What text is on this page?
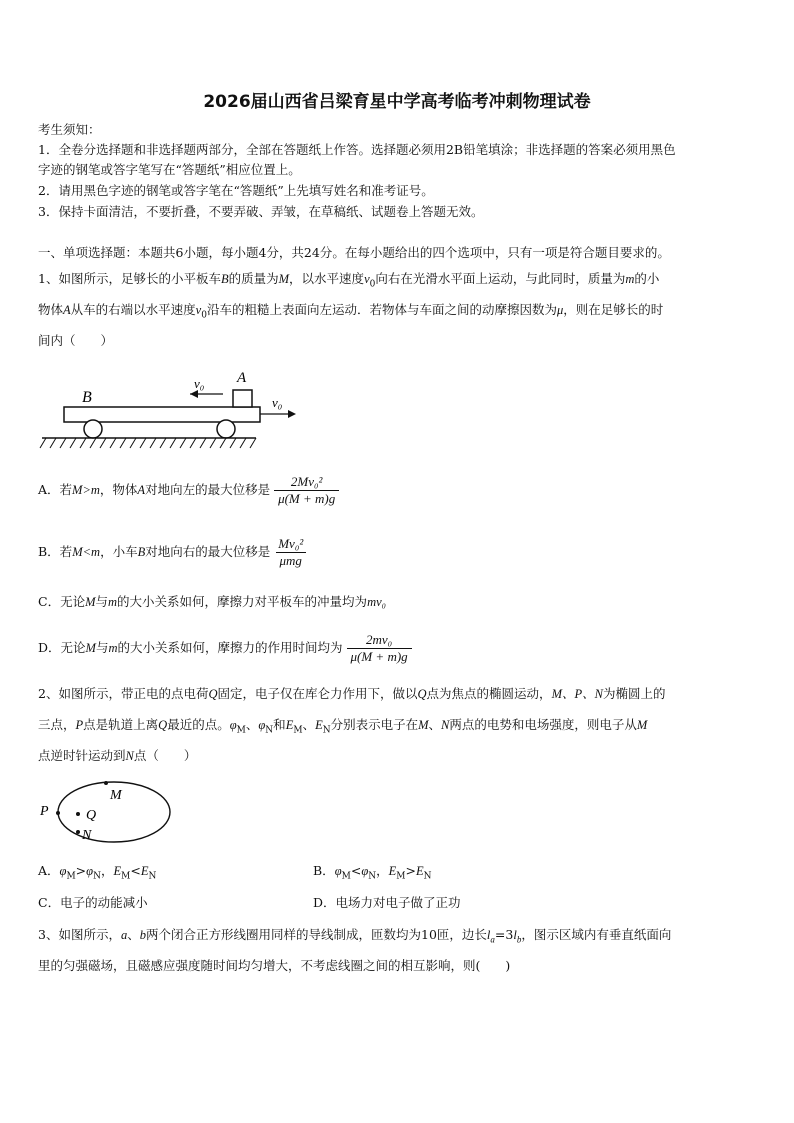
2026届山西省吕梁育星中学高考临考冲刺物理试卷
考生须知：
1．全卷分选择题和非选择题两部分，全部在答题纸上作答。选择题必须用2B铅笔填涂；非选择题的答案必须用黑色
字迹的钢笔或答字笔写在“答题纸”相应位置上。
2．请用黑色字迹的钢笔或答字笔在“答题纸”上先填写姓名和准考证号。
3．保持卡面清洁，不要折叠，不要弄破、弄皱，在草稿纸、试题卷上答题无效。
一、单项选择题：本题共6小题，每小题4分，共24分。在每小题给出的四个选项中，只有一项是符合题目要求的。
1、如图所示，足够长的小平板车B的质量为M，以水平速度$v_0$向右在光滑水平面上运动，与此同时，质量为m的小
物体A从车的右端以水平速度$v_0$沿车的粗糙上表面向左运动．若物体与车面之间的动摩擦因数为μ，则在足够长的时
间内（　　）
B
A
v₀
v₀
A．若M>m，物体A对地向左的最大位移是 $\frac{\text{2Mv₀²}}{\mu(M + m)g}$
B．若M<m，小车B对地向右的最大位移是 $\frac{\text{Mv₀²}}{\text{μmg}}$
C．无论M与m的大小关系如何，摩擦力对平板车的冲量均为mv₀
D．无论M与m的大小关系如何，摩擦力的作用时间均为 $\frac{\text{2mv₀}}{\mu(M + m)g}$
2、如图所示，带正电的点电荷Q固定，电子仅在库仑力作用下，做以Q点为焦点的椭圆运动，M、P、N为椭圆上的
三点，P点是轨道上离Q最近的点。$\varphi_M$、$\varphi_N$和$E_M$、$E_N$分别表示电子在M、N两点的电势和电场强度，则电子从M
点逆时针运动到N点（　　）
P
M
Q
N
A．$\varphi_M>\varphi_N$，$E_M<E_N$	B．$\varphi_M<\varphi_N$，$E_M>E_N$
C．电子的动能减小	D．电场力对电子做了正功
3、如图所示，a、b两个闭合正方形线圈用同样的导线制成，匝数均为10匝，边长$l_a=3l_b$，图示区域内有垂直纸面向
里的匀强磁场，且磁感应强度随时间均匀增大，不考虑线圈之间的相互影响，则(　　)
